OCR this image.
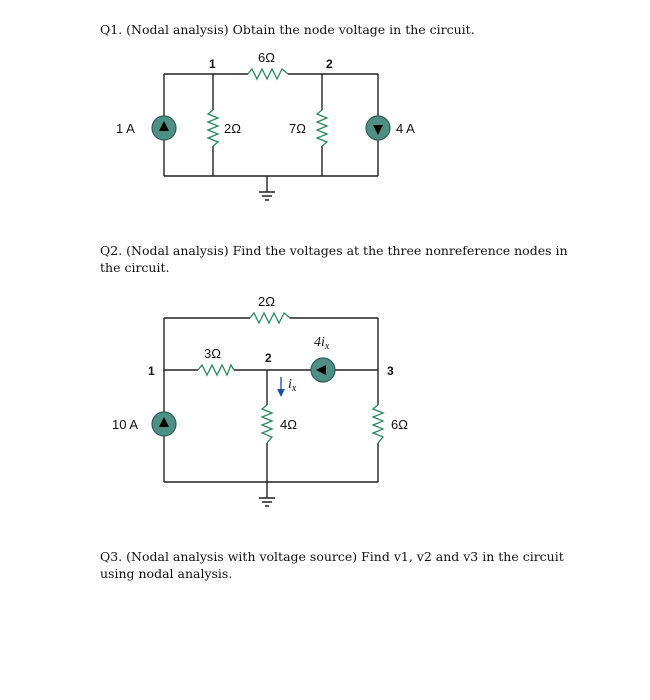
Q1. (Nodal analysis) Obtain the node voltage in the circuit.
Q2. (Nodal analysis) Find the voltages at the three nonreference nodes in the circuit.
Q3. (Nodal analysis with voltage source) Find v1, v2 and v3 in the circuit using nodal analysis.
1	2
6Ω
2Ω	7Ω
1 A	4 A
1
2
3
2Ω
3Ω
4Ω	6Ω
10 A
$4i_x$
$i_x$
